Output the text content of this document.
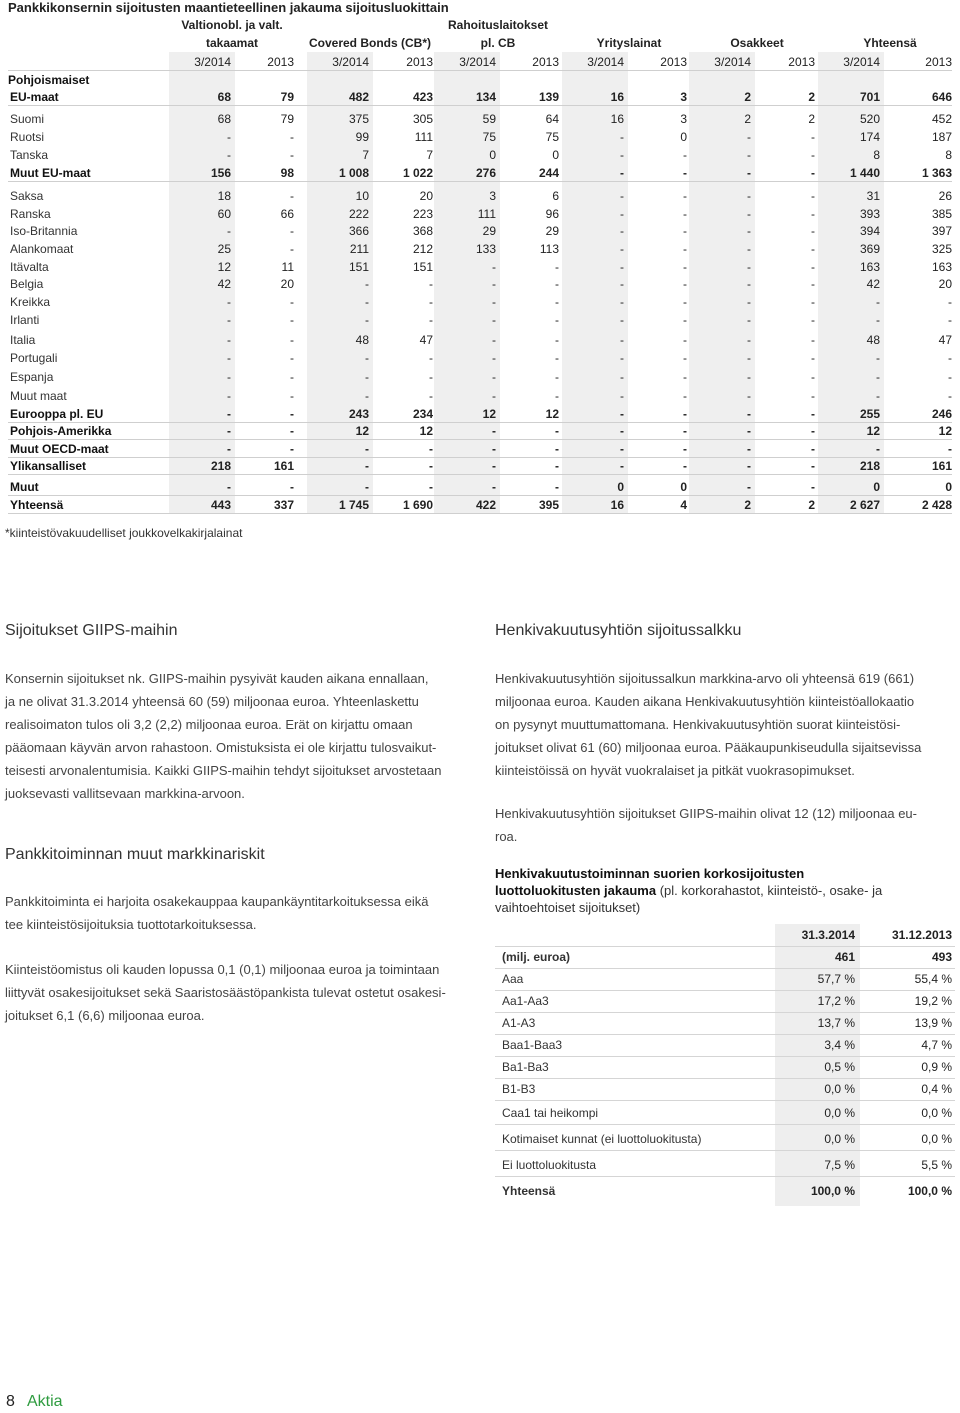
Pankkikonsernin sijoitusten maantieteellinen jakauma sijoitusluokittain
Valtionobl. ja valt.
takaamat	Covered Bonds (CB*)
Rahoituslaitokset
pl. CB	Yrityslainat	Osakkeet	Yhteensä
3/2014	2013	3/2014	2013	3/2014	2013	3/2014	2013	3/2014	2013	3/2014	2013
Pohjoismaiset
EU-maat	68	79	482	423	134	139	16	3	2	2	701	646
Suomi	68	79	375	305	59	64	16	3	2	2	520	452
Ruotsi	-	-	99	111	75	75	-	0	-	-	174	187
Tanska	-	-	7	7	0	0	-	-	-	-	8	8
Muut EU-maat	156	98	1 008	1 022	276	244	-	-	-	-	1 440	1 363
Saksa	18	-	10	20	3	6	-	-	-	-	31	26
Ranska	60	66	222	223	111	96	-	-	-	-	393	385
Iso-Britannia	-	-	366	368	29	29	-	-	-	-	394	397
Alankomaat	25	-	211	212	133	113	-	-	-	-	369	325
Itävalta	12	11	151	151	-	-	-	-	-	-	163	163
Belgia	42	20	-	-	-	-	-	-	-	-	42	20
Kreikka	-	-	-	-	-	-	-	-	-	-	-	-
Irlanti	-	-	-	-	-	-	-	-	-	-	-	-
Italia	-	-	48	47	-	-	-	-	-	-	48	47
Portugali	-	-	-	-	-	-	-	-	-	-	-	-
Espanja	-	-	-	-	-	-	-	-	-	-	-	-
Muut maat	-	-	-	-	-	-	-	-	-	-	-	-
Eurooppa pl. EU	-	-	243	234	12	12	-	-	-	-	255	246
Pohjois-Amerikka	-	-	12	12	-	-	-	-	-	-	12	12
Muut OECD-maat	-	-	-	-	-	-	-	-	-	-	-	-
Ylikansalliset	218	161	-	-	-	-	-	-	-	-	218	161
Muut	-	-	-	-	-	-	0	0	-	-	0	0
Yhteensä	443	337	1 745	1 690	422	395	16	4	2	2	2 627	2 428
*kiinteistövakuudelliset joukkovelkakirjalainat
Sijoitukset GIIPS-maihin
Konsernin sijoitukset nk. GIIPS-maihin pysyivät kauden aikana ennallaan,
ja ne olivat 31.3.2014 yhteensä 60 (59) miljoonaa euroa. Yhteenlaskettu
realisoimaton tulos oli 3,2 (2,2) miljoonaa euroa. Erät on kirjattu omaan
pääomaan käyvän arvon rahastoon. Omistuksista ei ole kirjattu tulosvaikut-
teisesti arvonalentumisia. Kaikki GIIPS-maihin tehdyt sijoitukset arvostetaan
juoksevasti vallitsevaan markkina-arvoon.
Pankkitoiminnan muut markkinariskit
Pankkitoiminta ei harjoita osakekauppaa kaupankäyntitarkoituksessa eikä
tee kiinteistösijoituksia tuottotarkoituksessa.
Kiinteistöomistus oli kauden lopussa 0,1 (0,1) miljoonaa euroa ja toimintaan
liittyvät osakesijoitukset sekä Saaristosäästöpankista tulevat ostetut osakesi-
joitukset 6,1 (6,6) miljoonaa euroa.
Henkivakuutusyhtiön sijoitussalkku
Henkivakuutusyhtiön sijoitussalkun markkina-arvo oli yhteensä 619 (661)
miljoonaa euroa. Kauden aikana Henkivakuutusyhtiön kiinteistöallokaatio
on pysynyt muuttumattomana. Henkivakuutusyhtiön suorat kiinteistösi-
joitukset olivat 61 (60) miljoonaa euroa. Pääkaupunkiseudulla sijaitsevissa
kiinteistöissä on hyvät vuokralaiset ja pitkät vuokrasopimukset.
Henkivakuutusyhtiön sijoitukset GIIPS-maihin olivat 12 (12) miljoonaa eu-
roa.
Henkivakuutustoiminnan suorien korkosijoitusten
luottoluokitusten jakauma (pl. korkorahastot, kiinteistö-, osake- ja
vaihtoehtoiset sijoitukset)
31.3.2014	31.12.2013
(milj. euroa)	461	493
Aaa	57,7 %	55,4 %
Aa1-Aa3	17,2 %	19,2 %
A1-A3	13,7 %	13,9 %
Baa1-Baa3	3,4 %	4,7 %
Ba1-Ba3	0,5 %	0,9 %
B1-B3	0,0 %	0,4 %
Caa1 tai heikompi	0,0 %	0,0 %
Kotimaiset kunnat (ei luottoluokitusta)	0,0 %	0,0 %
Ei luottoluokitusta	7,5 %	5,5 %
Yhteensä	100,0 %	100,0 %
8 Aktia
